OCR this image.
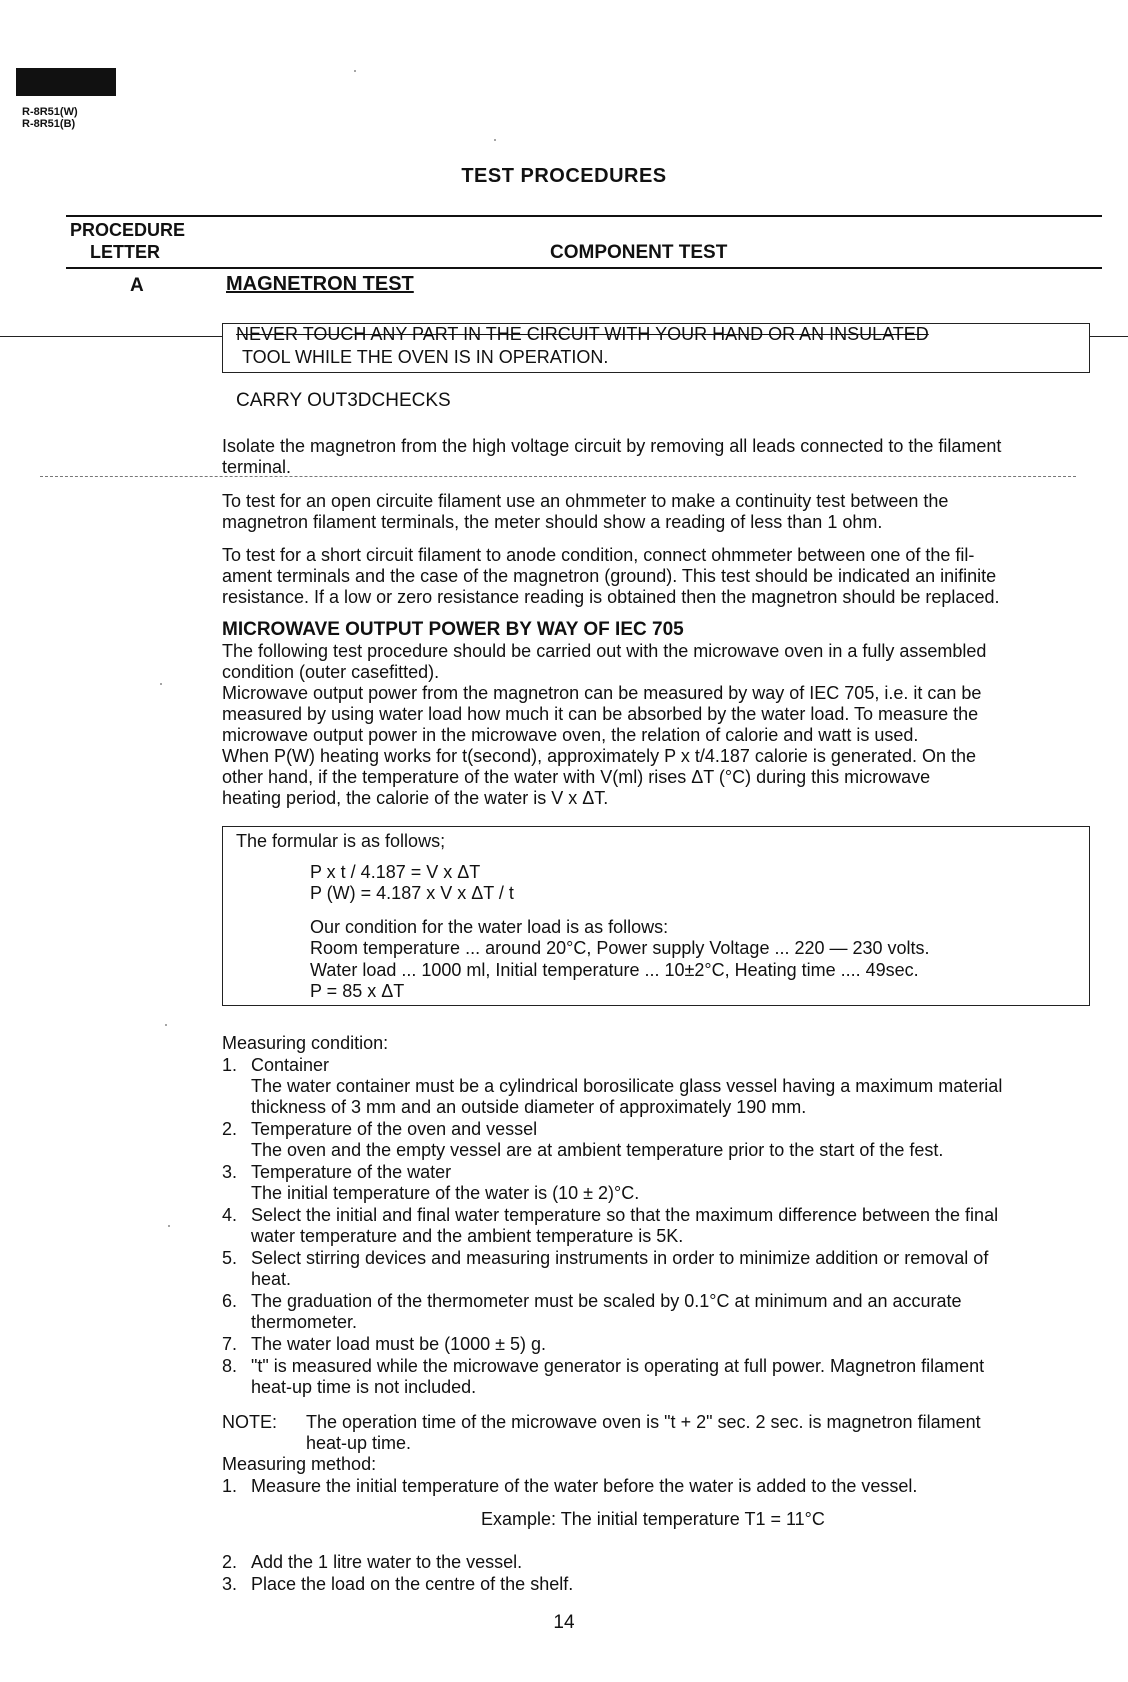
R-8R51(W)
R-8R51(B)
TEST PROCEDURES
PROCEDURE
LETTER	COMPONENT TEST
A	MAGNETRON TEST
NEVER TOUCH ANY PART IN THE CIRCUIT WITH YOUR HAND OR AN INSULATED
TOOL WHILE THE OVEN IS IN OPERATION.
CARRY OUT3DCHECKS
Isolate the magnetron from the high voltage circuit by removing all leads connected to the filament
terminal.
To test for an open circuite filament use an ohmmeter to make a continuity test between the
magnetron filament terminals, the meter should show a reading of less than 1 ohm.
To test for a short circuit filament to anode condition, connect ohmmeter between one of the fil-
ament terminals and the case of the magnetron (ground). This test should be indicated an inifinite
resistance. If a low or zero resistance reading is obtained then the magnetron should be replaced.
MICROWAVE OUTPUT POWER BY WAY OF IEC 705
The following test procedure should be carried out with the microwave oven in a fully assembled
condition (outer casefitted).
Microwave output power from the magnetron can be measured by way of IEC 705, i.e. it can be
measured by using water load how much it can be absorbed by the water load. To measure the
microwave output power in the microwave oven, the relation of calorie and watt is used.
When P(W) heating works for t(second), approximately P x t/4.187 calorie is generated. On the
other hand, if the temperature of the water with V(ml) rises ΔT (°C) during this microwave
heating period, the calorie of the water is V x ΔT.
The formular is as follows;
P x t / 4.187 = V x ΔT
P (W) = 4.187 x V x ΔT / t
Our condition for the water load is as follows:
Room temperature ... around 20°C, Power supply Voltage ... 220 — 230 volts.
Water load ... 1000 ml, Initial temperature ... 10±2°C, Heating time .... 49sec.
P = 85 x ΔT
Measuring condition:
1. Container
The water container must be a cylindrical borosilicate glass vessel having a maximum material
thickness of 3 mm and an outside diameter of approximately 190 mm.
2. Temperature of the oven and vessel
The oven and the empty vessel are at ambient temperature prior to the start of the fest.
3. Temperature of the water
The initial temperature of the water is (10 ± 2)°C.
4. Select the initial and final water temperature so that the maximum difference between the final
water temperature and the ambient temperature is 5K.
5. Select stirring devices and measuring instruments in order to minimize addition or removal of
heat.
6. The graduation of the thermometer must be scaled by 0.1°C at minimum and an accurate
thermometer.
7. The water load must be (1000 ± 5) g.
8. "t" is measured while the microwave generator is operating at full power. Magnetron filament
heat-up time is not included.
NOTE: The operation time of the microwave oven is "t + 2" sec. 2 sec. is magnetron filament
heat-up time.
Measuring method:
1. Measure the initial temperature of the water before the water is added to the vessel.
Example: The initial temperature T1 = 11°C
2. Add the 1 litre water to the vessel.
3. Place the load on the centre of the shelf.
14
